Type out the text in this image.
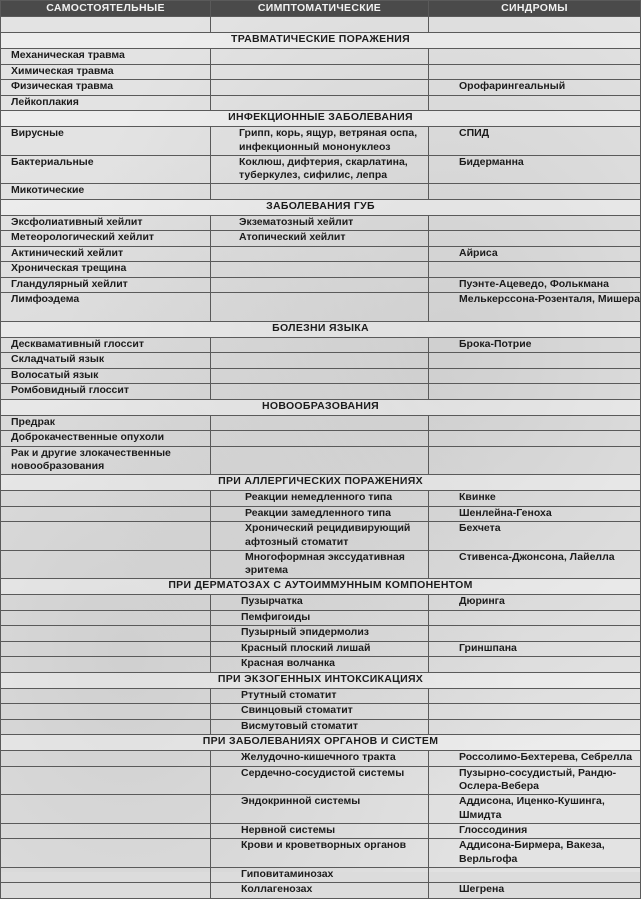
САМОСТОЯТЕЛЬНЫЕ	СИМПТОМАТИЧЕСКИЕ	СИНДРОМЫ

ТРАВМАТИЧЕСКИЕ ПОРАЖЕНИЯ		
Механическая травма		
Химическая травма		
Физическая травма		Орофарингеальный
Лейкоплакия		
ИНФЕКЦИОННЫЕ ЗАБОЛЕВАНИЯ		
Вирусные	Грипп, корь, ящур, ветряная оспа, инфекционный мононуклеоз	СПИД
Бактериальные	Коклюш, дифтерия, скарлатина, туберкулез, сифилис, лепра	Бидерманна
Микотические		
ЗАБОЛЕВАНИЯ ГУБ		
Эксфолиативный хейлит	Экзематозный хейлит	
Метеорологический хейлит	Атопический хейлит	
Актинический хейлит		Айриса
Хроническая трещина		
Гландулярный хейлит		Пуэнте-Ацеведо, Фолькмана
Лимфоэдема		Мелькерссона-Розенталя, Мишера
БОЛЕЗНИ ЯЗЫКА		
Десквамативный глоссит		Брока-Потрие
Складчатый язык		
Волосатый язык		
Ромбовидный глоссит		
НОВООБРАЗОВАНИЯ		
Предрак		
Доброкачественные опухоли		
Рак и другие злокачественные новообразования		
ПРИ АЛЛЕРГИЧЕСКИХ ПОРАЖЕНИЯХ		
	Реакции немедленного типа	Квинке
	Реакции замедленного типа	Шенлейна-Геноха
	Хронический рецидивирующий афтозный стоматит	Бехчета
	Многоформная экссудативная эритема	Стивенса-Джонсона, Лайелла
ПРИ ДЕРМАТОЗАХ С АУТОИММУННЫМ КОМПОНЕНТОМ		
	Пузырчатка	Дюринга
	Пемфигоиды	
	Пузырный эпидермолиз	
	Красный плоский лишай	Гриншпана
	Красная волчанка	
ПРИ ЭКЗОГЕННЫХ ИНТОКСИКАЦИЯХ		
	Ртутный стоматит	
	Свинцовый стоматит	
	Висмутовый стоматит	
ПРИ ЗАБОЛЕВАНИЯХ ОРГАНОВ И СИСТЕМ		
	Желудочно-кишечного тракта	Россолимо-Бехтерева, Себрелла
	Сердечно-сосудистой системы	Пузырно-сосудистый, Рандю-Ослера-Вебера
	Эндокринной системы	Аддисона, Иценко-Кушинга, Шмидта
	Нервной системы	Глоссодиния
	Крови и кроветворных органов	Аддисона-Бирмера, Вакеза, Верльгофа
	Гиповитаминозах	
	Коллагенозах	Шегрена
